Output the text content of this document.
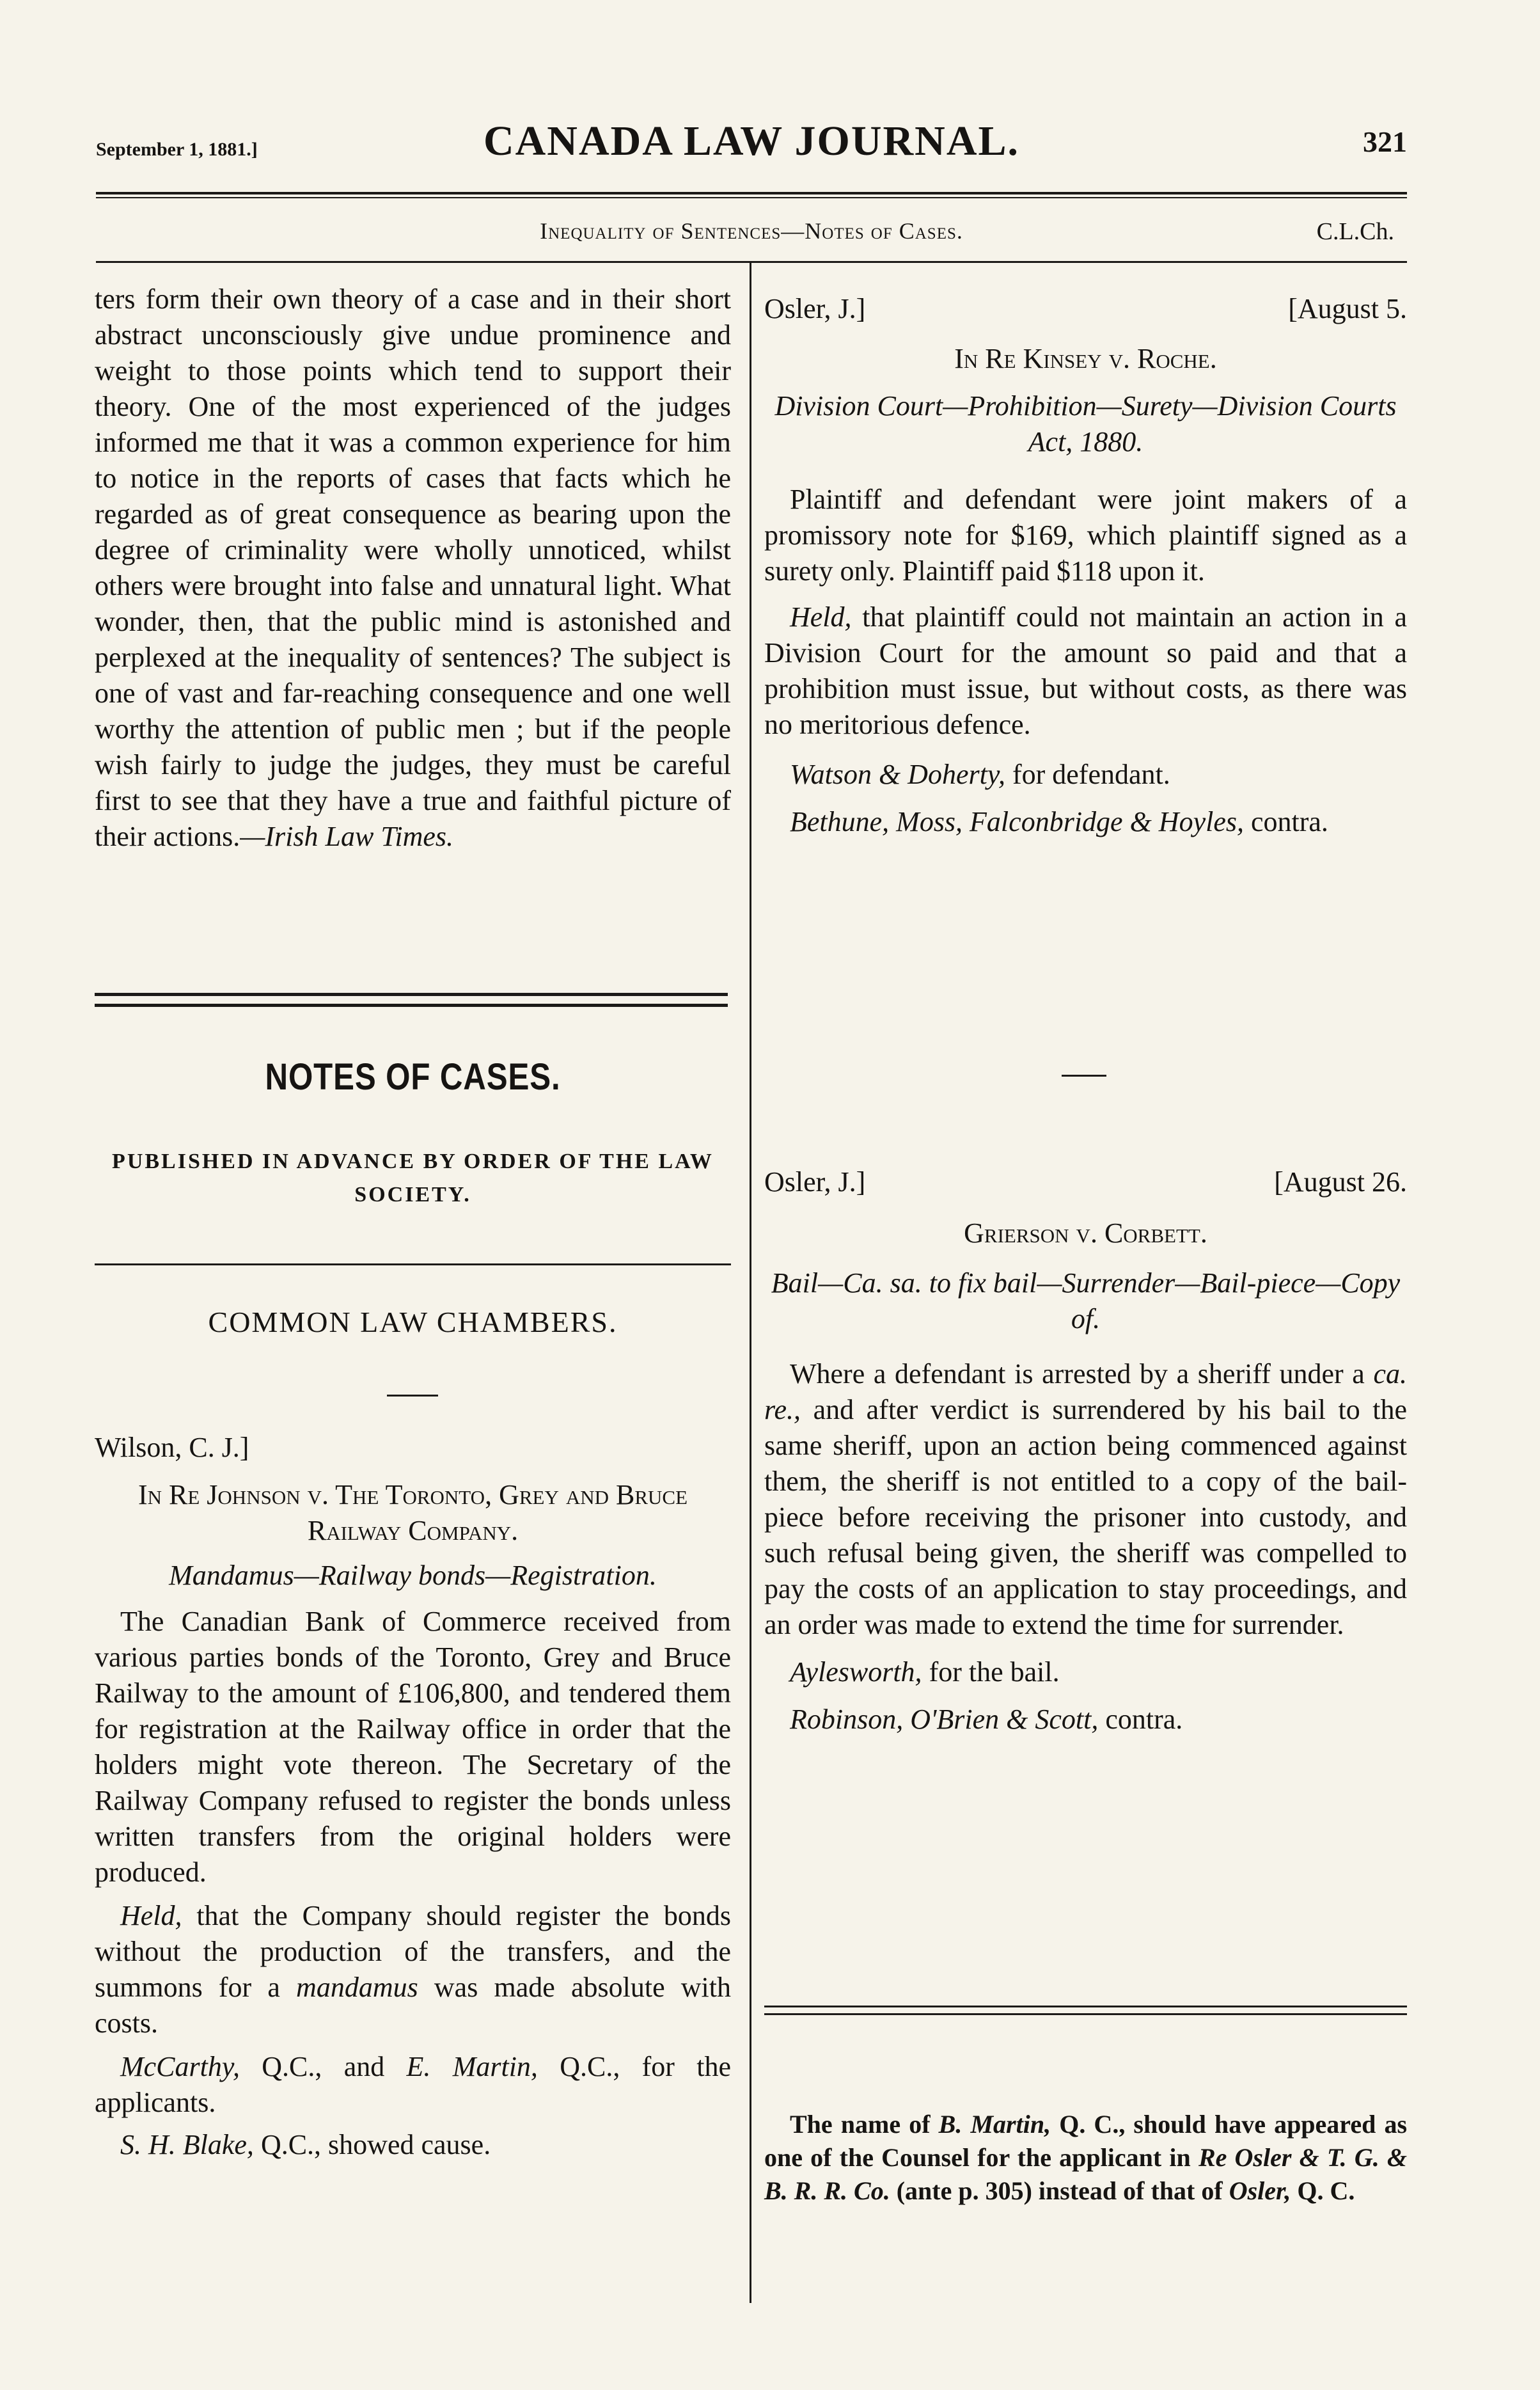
September 1, 1881.]	CANADA LAW JOURNAL.	321
Inequality of Sentences—Notes of Cases.	C.L.Ch.

ters form their own theory of a case and in their short abstract unconsciously give undue prominence and weight to those points which tend to support their theory. One of the most experienced of the judges informed me that it was a common experience for him to notice in the reports of cases that facts which he regarded as of great consequence as bearing upon the degree of criminality were wholly unnoticed, whilst others were brought into false and unnatural light. What wonder, then, that the public mind is astonished and perplexed at the inequality of sentences? The subject is one of vast and far-reaching consequence and one well worthy the attention of public men ; but if the people wish fairly to judge the judges, they must be careful first to see that they have a true and faithful picture of their actions.—Irish Law Times.

NOTES OF CASES.
PUBLISHED IN ADVANCE BY ORDER OF THE LAW SOCIETY.
COMMON LAW CHAMBERS.

Wilson, C. J.]

In Re Johnson v. The Toronto, Grey and Bruce Railway Company.

Mandamus—Railway bonds—Registration.

The Canadian Bank of Commerce received from various parties bonds of the Toronto, Grey and Bruce Railway to the amount of £106,800, and tendered them for registration at the Railway office in order that the holders might vote thereon. The Secretary of the Railway Company refused to register the bonds unless written transfers from the original holders were produced.

Held, that the Company should register the bonds without the production of the transfers, and the summons for a mandamus was made absolute with costs.

McCarthy, Q.C., and E. Martin, Q.C., for the applicants.

S. H. Blake, Q.C., showed cause.

Osler, J.]	[August 5.

In Re Kinsey v. Roche.

Division Court—Prohibition—Surety—Division Courts Act, 1880.

Plaintiff and defendant were joint makers of a promissory note for $169, which plaintiff signed as a surety only. Plaintiff paid $118 upon it.

Held, that plaintiff could not maintain an action in a Division Court for the amount so paid and that a prohibition must issue, but without costs, as there was no meritorious defence.

Watson & Doherty, for defendant.

Bethune, Moss, Falconbridge & Hoyles, contra.

Osler, J.]	[August 26.

Grierson v. Corbett.

Bail—Ca. sa. to fix bail—Surrender—Bail-piece—Copy of.

Where a defendant is arrested by a sheriff under a ca. re., and after verdict is surrendered by his bail to the same sheriff, upon an action being commenced against them, the sheriff is not entitled to a copy of the bail-piece before receiving the prisoner into custody, and such refusal being given, the sheriff was compelled to pay the costs of an application to stay proceedings, and an order was made to extend the time for surrender.

Aylesworth, for the bail.

Robinson, O'Brien & Scott, contra.

The name of B. Martin, Q. C., should have appeared as one of the Counsel for the applicant in Re Osler & T. G. & B. R. R. Co. (ante p. 305) instead of that of Osler, Q. C.
